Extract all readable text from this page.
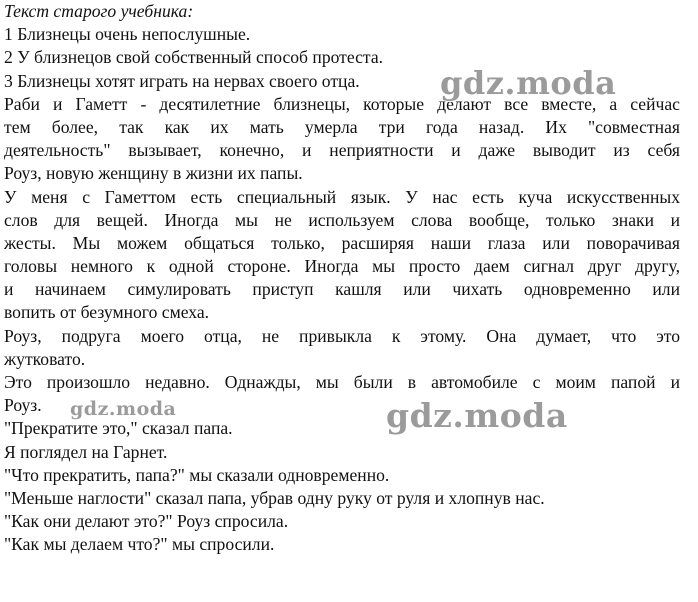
Текст старого учебника:
1 Близнецы очень непослушные.
2 У близнецов свой собственный способ протеста.
3 Близнецы хотят играть на нервах своего отца.
Раби и Гаметт - десятилетние близнецы, которые делают все вместе, а сейчас
тем более, так как их мать умерла три года назад. Их "совместная
деятельность" вызывает, конечно, и неприятности и даже выводит из себя
Роуз, новую женщину в жизни их папы.
У меня с Гаметтом есть специальный язык. У нас есть куча искусственных
слов для вещей. Иногда мы не используем слова вообще, только знаки и
жесты. Мы можем общаться только, расширяя наши глаза или поворачивая
головы немного к одной стороне. Иногда мы просто даем сигнал друг другу,
и начинаем симулировать приступ кашля или чихать одновременно или
вопить от безумного смеха.
Роуз, подруга моего отца, не привыкла к этому. Она думает, что это
жутковато.
Это произошло недавно. Однажды, мы были в автомобиле с моим папой и
Роуз.
"Прекратите это," сказал папа.
Я поглядел на Гарнет.
"Что прекратить, папа?" мы сказали одновременно.
"Меньше наглости" сказал папа, убрав одну руку от руля и хлопнув нас.
"Как они делают это?" Роуз спросила.
"Как мы делаем что?" мы спросили.
gdz.moda
gdz.moda	gdz.moda
